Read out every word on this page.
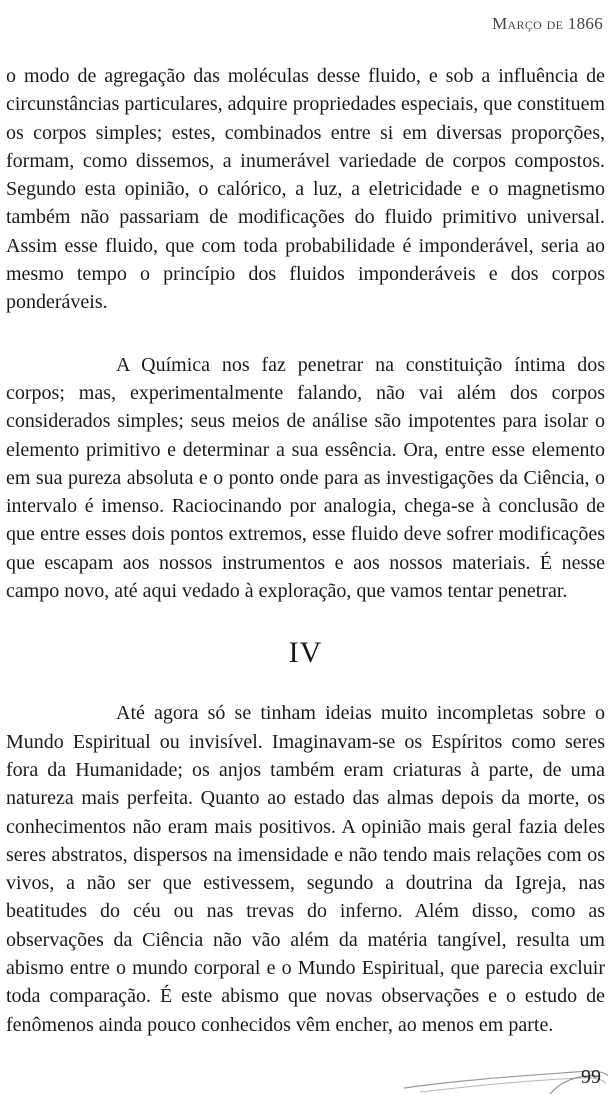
Março de 1866

o modo de agregação das moléculas desse fluido, e sob a influência de circunstâncias particulares, adquire propriedades especiais, que constituem os corpos simples; estes, combinados entre si em diversas proporções, formam, como dissemos, a inumerável variedade de corpos compostos. Segundo esta opinião, o calórico, a luz, a eletricidade e o magnetismo também não passariam de modificações do fluido primitivo universal. Assim esse fluido, que com toda probabilidade é imponderável, seria ao mesmo tempo o princípio dos fluidos imponderáveis e dos corpos ponderáveis.

A Química nos faz penetrar na constituição íntima dos corpos; mas, experimentalmente falando, não vai além dos corpos considerados simples; seus meios de análise são impotentes para isolar o elemento primitivo e determinar a sua essência. Ora, entre esse elemento em sua pureza absoluta e o ponto onde para as investigações da Ciência, o intervalo é imenso. Raciocinando por analogia, chega-se à conclusão de que entre esses dois pontos extremos, esse fluido deve sofrer modificações que escapam aos nossos instrumentos e aos nossos materiais. É nesse campo novo, até aqui vedado à exploração, que vamos tentar penetrar.

IV

Até agora só se tinham ideias muito incompletas sobre o Mundo Espiritual ou invisível. Imaginavam-se os Espíritos como seres fora da Humanidade; os anjos também eram criaturas à parte, de uma natureza mais perfeita. Quanto ao estado das almas depois da morte, os conhecimentos não eram mais positivos. A opinião mais geral fazia deles seres abstratos, dispersos na imensidade e não tendo mais relações com os vivos, a não ser que estivessem, segundo a doutrina da Igreja, nas beatitudes do céu ou nas trevas do inferno. Além disso, como as observações da Ciência não vão além da matéria tangível, resulta um abismo entre o mundo corporal e o Mundo Espiritual, que parecia excluir toda comparação. É este abismo que novas observações e o estudo de fenômenos ainda pouco conhecidos vêm encher, ao menos em parte.

99
